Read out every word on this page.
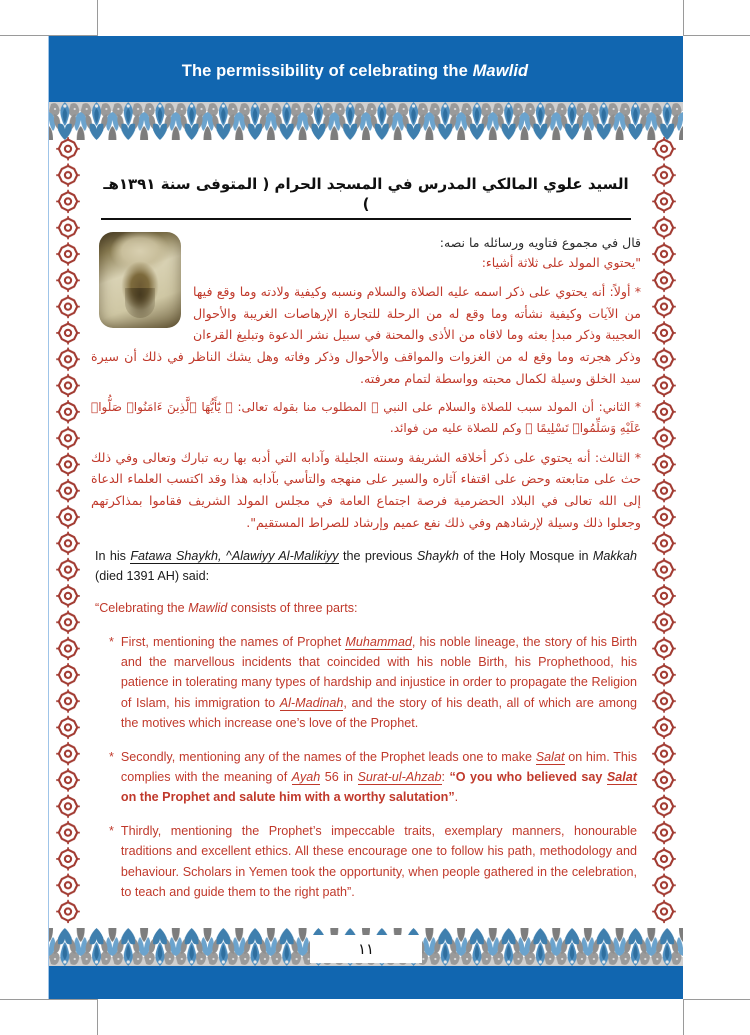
The permissibility of celebrating the Mawlid
السيد علوي المالكي المدرس في المسجد الحرام ( المتوفى سنة ١٣٩١هـ )
قال في مجموع فتاويه ورسائله ما نصه:
"يحتوي المولد على ثلاثة أشياء:
* أولاً: أنه يحتوي على ذكر اسمه عليه الصلاة والسلام ونسبه وكيفية ولادته وما وقع فيها من الآيات وكيفية نشأته وما وقع له من الرحلة للتجارة الإرهاصات الغريبة والأحوال العجيبة وذكر مبدإ بعثه وما لاقاه من الأذى والمحنة في سبيل نشر الدعوة وتبليغ القرءان وذكر هجرته وما وقع له من الغزوات والمواقف والأحوال وذكر وفاته وهل يشك الناظر في ذلك أن سيرة سيد الخلق وسيلة لكمال محبته وواسطة لتمام معرفته.
* الثاني: أن المولد سبب للصلاة والسلام على النبي ﷺ المطلوب منا بقوله تعالى: ﴿ يَٰٓأَيُّهَا ٱلَّذِينَ ءَامَنُوا۟ صَلُّوا۟ عَلَيْهِ وَسَلِّمُوا۟ تَسْلِيمًا ﴾ وكم للصلاة عليه من فوائد.
* الثالث: أنه يحتوي على ذكر أخلاقه الشريفة وسنته الجليلة وآدابه التي أدبه بها ربه تبارك وتعالى وفي ذلك حث على متابعته وحض على اقتفاء آثاره والسير على منهجه والتأسي بآدابه هذا وقد اكتسب العلماء الدعاة إلى الله تعالى في البلاد الحضرمية فرصة اجتماع العامة في مجلس المولد الشريف فقاموا بمذاكرتهم وجعلوا ذلك وسيلة لإرشادهم وفي ذلك نفع عميم وإرشاد للصراط المستقيم".
In his Fatawa Shaykh, ^Alawiyy Al-Malikiyy the previous Shaykh of the Holy Mosque in Makkah (died 1391 AH) said:
“Celebrating the Mawlid consists of three parts:
* First, mentioning the names of Prophet Muhammad, his noble lineage, the story of his Birth and the marvellous incidents that coincided with his noble Birth, his Prophethood, his patience in tolerating many types of hardship and injustice in order to propagate the Religion of Islam, his immigration to Al-Madinah, and the story of his death, all of which are among the motives which increase one’s love of the Prophet.
* Secondly, mentioning any of the names of the Prophet leads one to make Salat on him. This complies with the meaning of Ayah 56 in Surat-ul-Ahzab: “O you who believed say Salat on the Prophet and salute him with a worthy salutation”.
* Thirdly, mentioning the Prophet’s impeccable traits, exemplary manners, honourable traditions and excellent ethics. All these encourage one to follow his path, methodology and behaviour. Scholars in Yemen took the opportunity, when people gathered in the celebration, to teach and guide them to the right path”.
١١
